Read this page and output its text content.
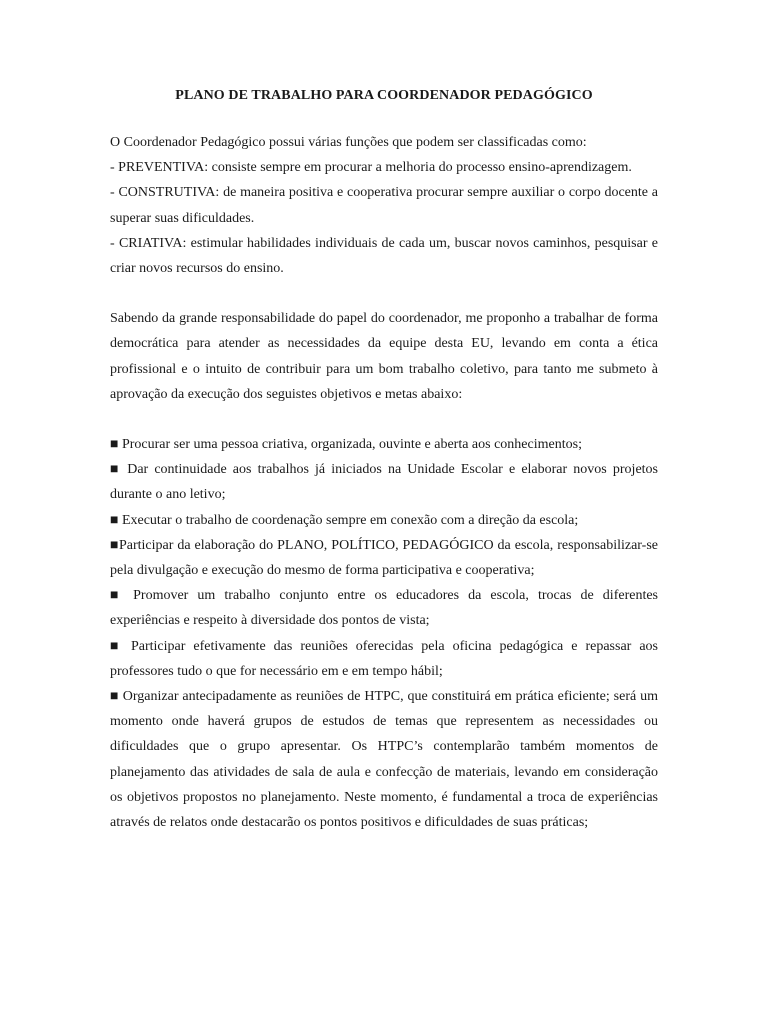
PLANO DE TRABALHO PARA COORDENADOR PEDAGÓGICO

O Coordenador Pedagógico possui várias funções que podem ser classificadas como:

- PREVENTIVA: consiste sempre em procurar a melhoria do processo ensino-aprendizagem.

- CONSTRUTIVA: de maneira positiva e cooperativa procurar sempre auxiliar o corpo docente a superar suas dificuldades.

- CRIATIVA: estimular habilidades individuais de cada um, buscar novos caminhos, pesquisar e criar novos recursos do ensino.

Sabendo da grande responsabilidade do papel do coordenador, me proponho a trabalhar de forma democrática para atender as necessidades da equipe desta EU, levando em conta a ética profissional e o intuito de contribuir para um bom trabalho coletivo, para tanto me submeto à aprovação da execução dos seguistes objetivos e metas abaixo:

■ Procurar ser uma pessoa criativa, organizada, ouvinte e aberta aos conhecimentos;

■ Dar continuidade aos trabalhos já iniciados na Unidade Escolar e elaborar novos projetos durante o ano letivo;

■ Executar o trabalho de coordenação sempre em conexão com a direção da escola;

■Participar da elaboração do PLANO, POLÍTICO, PEDAGÓGICO da escola, responsabilizar-se pela divulgação e execução do mesmo de forma participativa e cooperativa;

■ Promover um trabalho conjunto entre os educadores da escola, trocas de diferentes experiências e respeito à diversidade dos pontos de vista;

■ Participar efetivamente das reuniões oferecidas pela oficina pedagógica e repassar aos professores tudo o que for necessário em e em tempo hábil;

■ Organizar antecipadamente as reuniões de HTPC, que constituirá em prática eficiente; será um momento onde haverá grupos de estudos de temas que representem as necessidades ou dificuldades que o grupo apresentar. Os HTPC’s contemplarão também momentos de planejamento das atividades de sala de aula e confecção de materiais, levando em consideração os objetivos propostos no planejamento. Neste momento, é fundamental a troca de experiências através de relatos onde destacarão os pontos positivos e dificuldades de suas práticas;
